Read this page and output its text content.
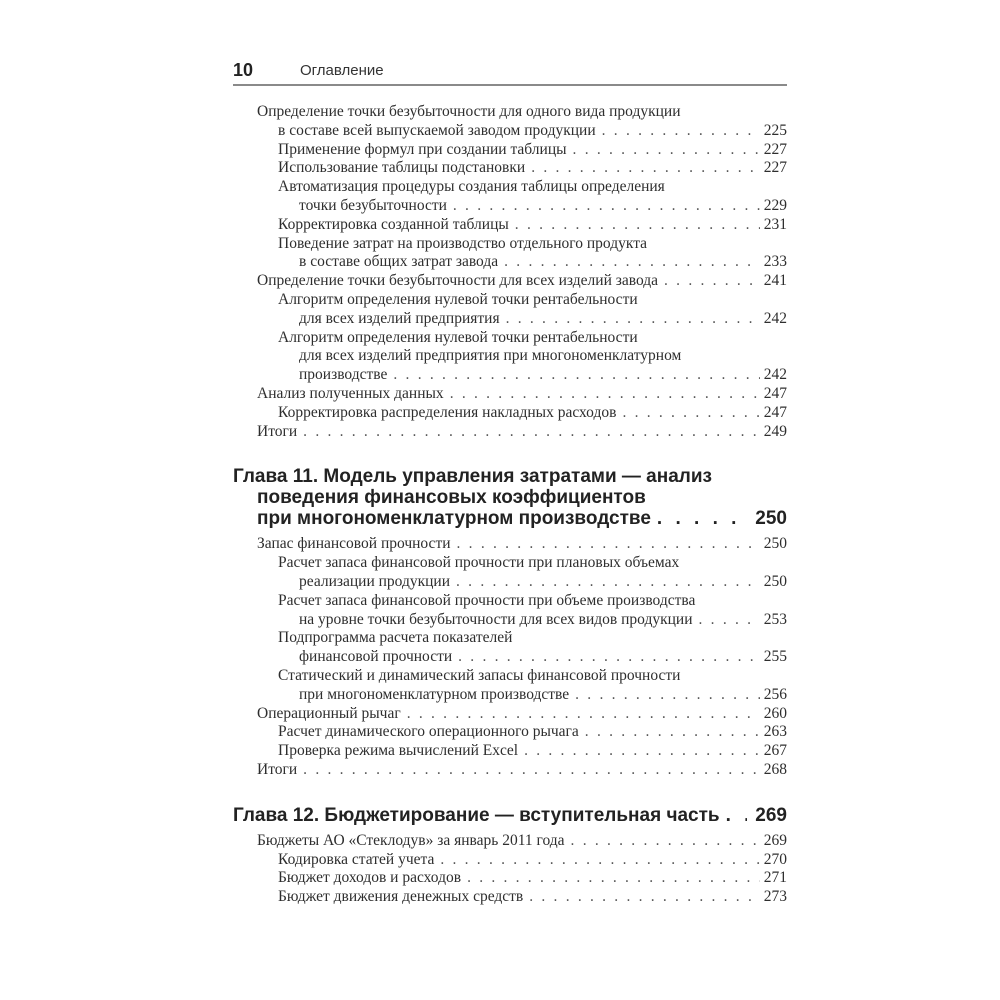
10	Оглавление
Определение точки безубыточности для одного вида продукции
в составе всей выпускаемой заводом продукции . . .	225
Применение формул при создании таблицы . . .	227
Использование таблицы подстановки . . .	227
Автоматизация процедуры создания таблицы определения
точки безубыточности . . .	229
Корректировка созданной таблицы . . .	231
Поведение затрат на производство отдельного продукта
в составе общих затрат завода . . .	233
Определение точки безубыточности для всех изделий завода . . .	241
Алгоритм определения нулевой точки рентабельности
для всех изделий предприятия . . .	242
Алгоритм определения нулевой точки рентабельности
для всех изделий предприятия при многономенклатурном
производстве . . .	242
Анализ полученных данных . . .	247
Корректировка распределения накладных расходов . . .	247
Итоги . . .	249
Глава 11. Модель управления затратами — анализ
поведения финансовых коэффициентов
при многономенклатурном производстве . . .	250
Запас финансовой прочности . . .	250
Расчет запаса финансовой прочности при плановых объемах
реализации продукции . . .	250
Расчет запаса финансовой прочности при объеме производства
на уровне точки безубыточности для всех видов продукции . . .	253
Подпрограмма расчета показателей
финансовой прочности . . .	255
Статический и динамический запасы финансовой прочности
при многономенклатурном производстве . . .	256
Операционный рычаг . . .	260
Расчет динамического операционного рычага . . .	263
Проверка режима вычислений Excel . . .	267
Итоги . . .	268
Глава 12. Бюджетирование — вступительная часть . . .	269
Бюджеты АО «Стеклодув» за январь 2011 года . . .	269
Кодировка статей учета . . .	270
Бюджет доходов и расходов . . .	271
Бюджет движения денежных средств . . .	273
